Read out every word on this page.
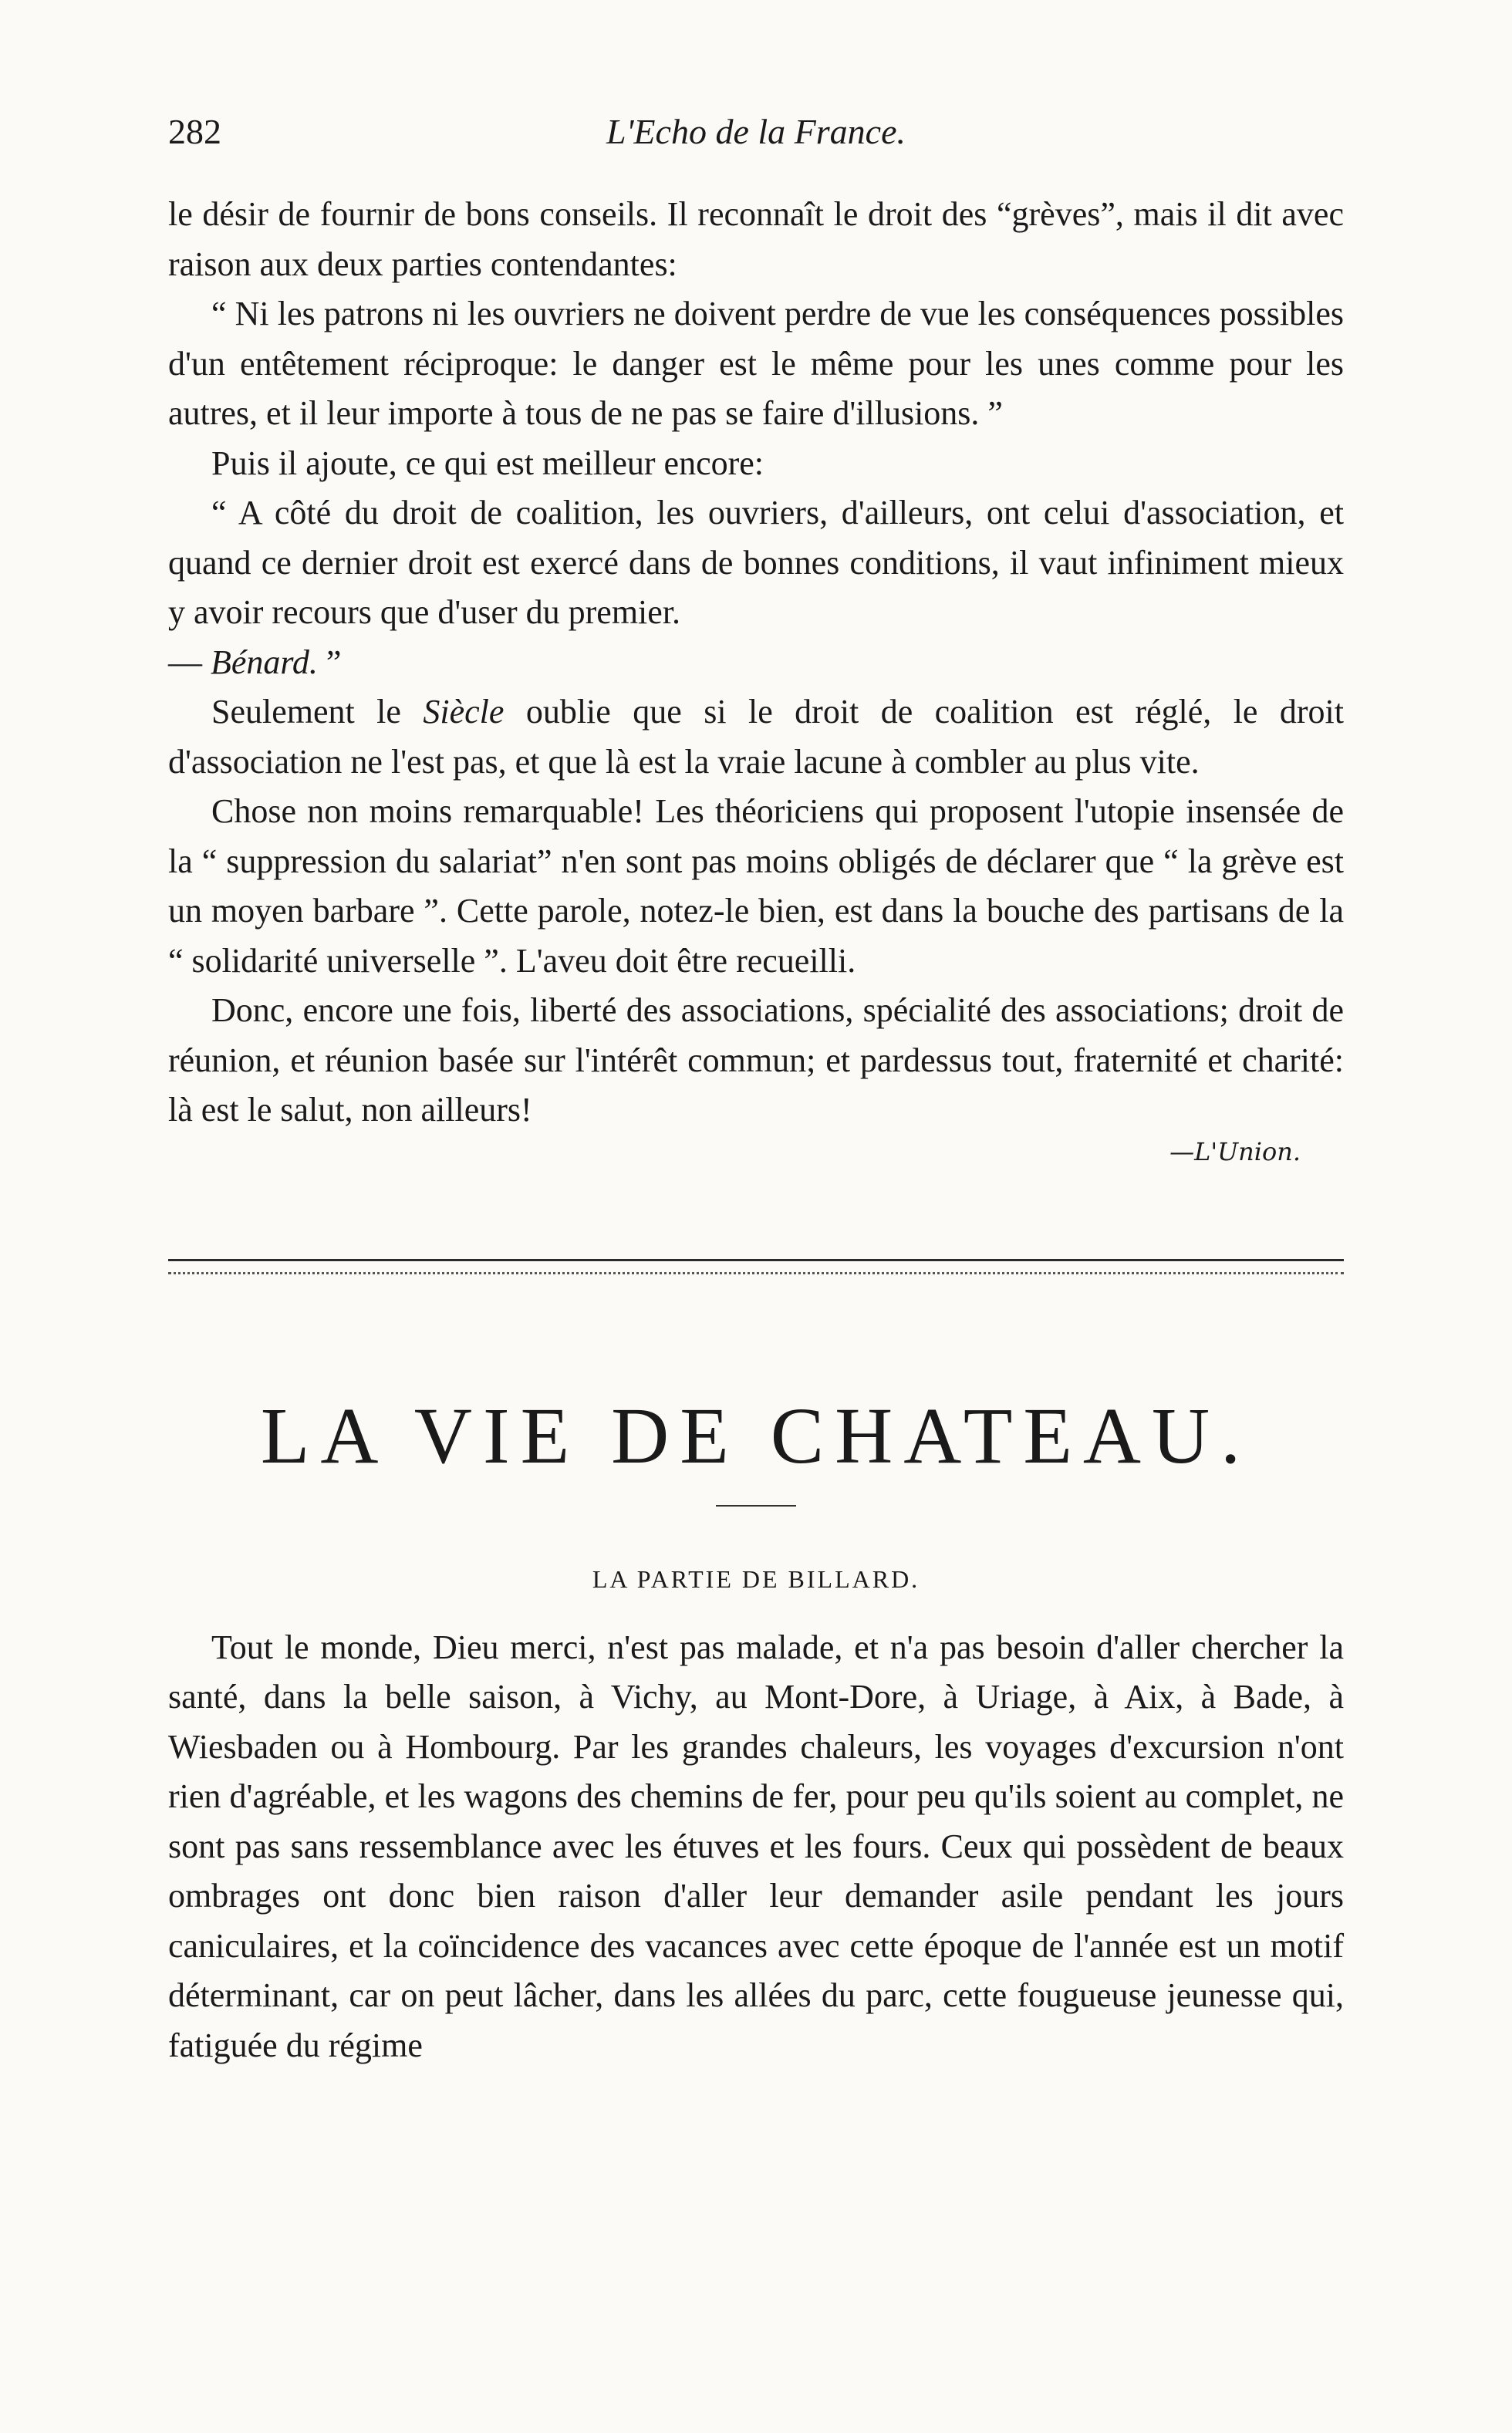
282	L'Echo de la France.

le désir de fournir de bons conseils. Il reconnaît le droit des “grèves”, mais il dit avec raison aux deux parties contendantes:

“ Ni les patrons ni les ouvriers ne doivent perdre de vue les conséquences possibles d'un entêtement réciproque: le danger est le même pour les unes comme pour les autres, et il leur importe à tous de ne pas se faire d'illusions. ”

Puis il ajoute, ce qui est meilleur encore:

“ A côté du droit de coalition, les ouvriers, d'ailleurs, ont celui d'association, et quand ce dernier droit est exercé dans de bonnes conditions, il vaut infiniment mieux y avoir recours que d'user du premier.

— Bénard. ”

Seulement le Siècle oublie que si le droit de coalition est réglé, le droit d'association ne l'est pas, et que là est la vraie lacune à combler au plus vite.

Chose non moins remarquable! Les théoriciens qui proposent l'utopie insensée de la “ suppression du salariat” n'en sont pas moins obligés de déclarer que “ la grève est un moyen barbare ”. Cette parole, notez-le bien, est dans la bouche des partisans de la “ solidarité universelle ”. L'aveu doit être recueilli.

Donc, encore une fois, liberté des associations, spécialité des associations; droit de réunion, et réunion basée sur l'intérêt commun; et pardessus tout, fraternité et charité: là est le salut, non ailleurs!

—L'Union.
LA VIE DE CHATEAU.
LA PARTIE DE BILLARD.

Tout le monde, Dieu merci, n'est pas malade, et n'a pas besoin d'aller chercher la santé, dans la belle saison, à Vichy, au Mont-Dore, à Uriage, à Aix, à Bade, à Wiesbaden ou à Hombourg. Par les grandes chaleurs, les voyages d'excursion n'ont rien d'agréable, et les wagons des chemins de fer, pour peu qu'ils soient au complet, ne sont pas sans ressemblance avec les étuves et les fours. Ceux qui possèdent de beaux ombrages ont donc bien raison d'aller leur demander asile pendant les jours caniculaires, et la coïncidence des vacances avec cette époque de l'année est un motif déterminant, car on peut lâcher, dans les allées du parc, cette fougueuse jeunesse qui, fatiguée du régime
